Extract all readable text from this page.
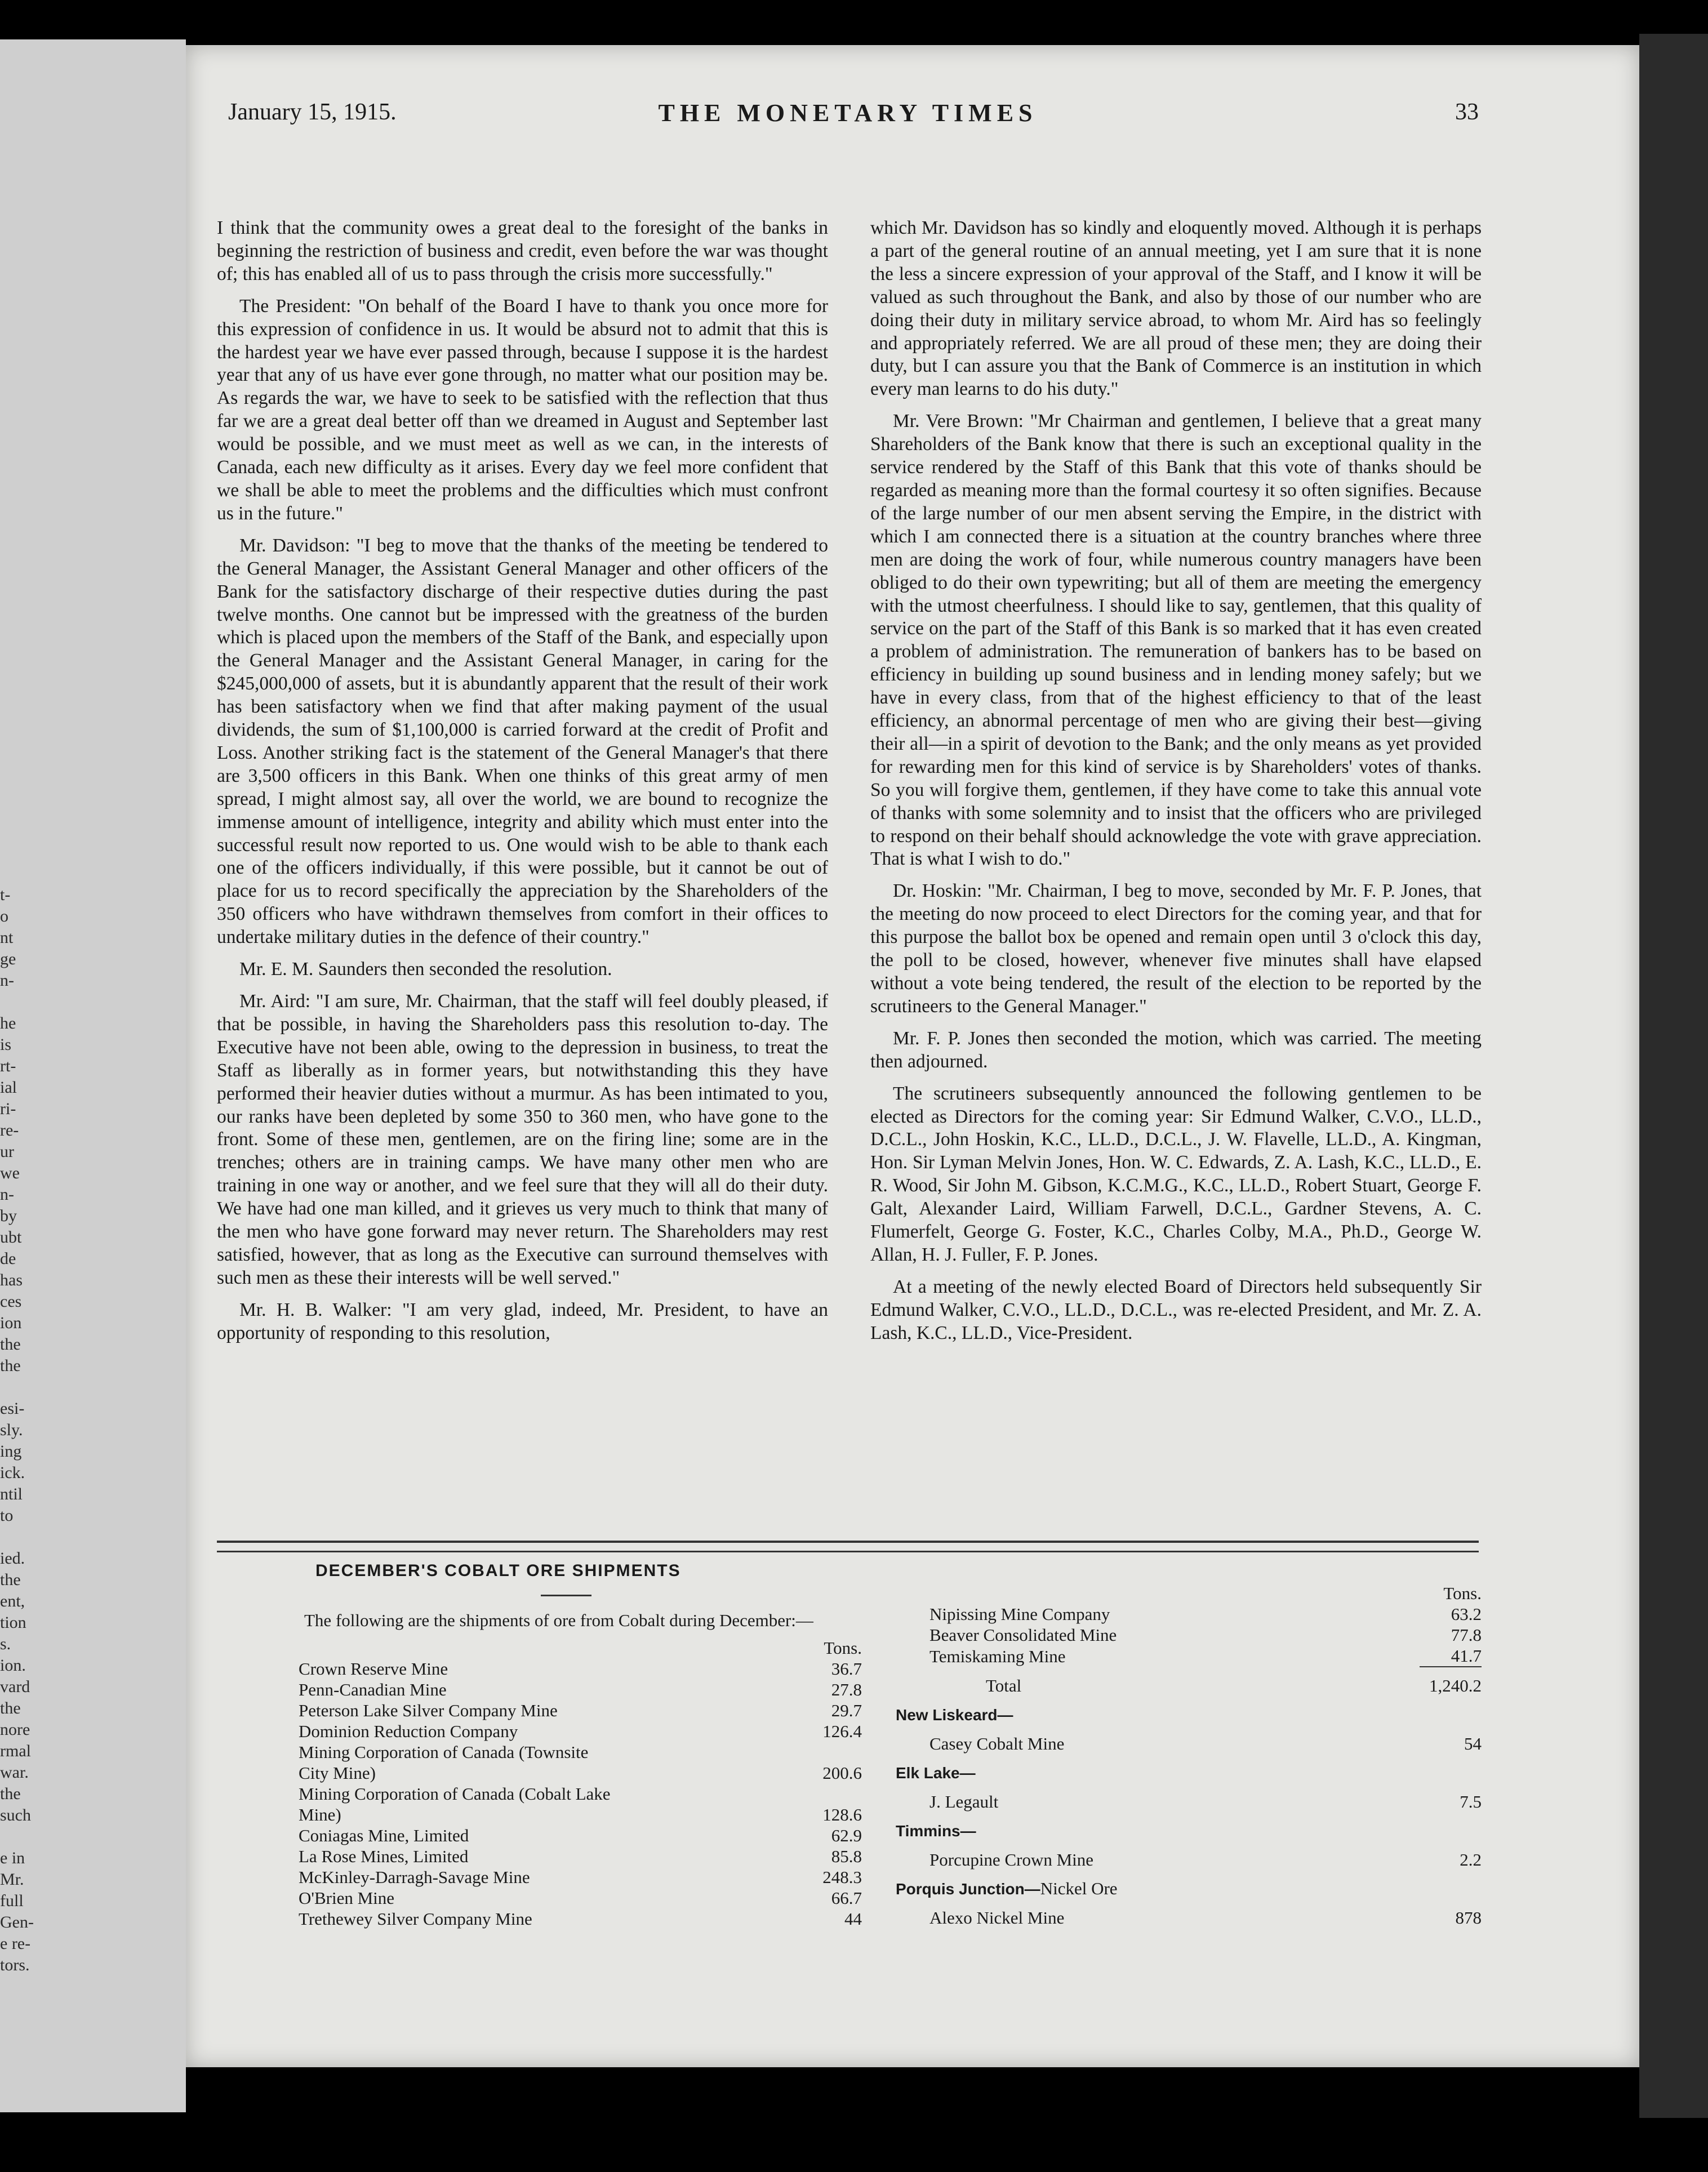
t-
o
nt
ge
n-
he
is
rt-
ial
ri-
re-
ur
we
n-
by
ubt
de
has
ces
ion
the
the
esi-
sly.
ing
ick.
ntil
to
ied.
the
ent,
tion
s.
ion.
vard
the
nore
rmal
war.
the
such
e in
Mr.
full
Gen-
e re-
tors.
January 15, 1915.	THE MONETARY TIMES	33

I think that the community owes a great deal to the foresight of the banks in beginning the restriction of business and credit, even before the war was thought of; this has enabled all of us to pass through the crisis more successfully."

The President: "On behalf of the Board I have to thank you once more for this expression of confidence in us. It would be absurd not to admit that this is the hardest year we have ever passed through, because I suppose it is the hardest year that any of us have ever gone through, no matter what our position may be. As regards the war, we have to seek to be satisfied with the reflection that thus far we are a great deal better off than we dreamed in August and September last would be possible, and we must meet as well as we can, in the interests of Canada, each new difficulty as it arises. Every day we feel more confident that we shall be able to meet the problems and the difficulties which must confront us in the future."

Mr. Davidson: "I beg to move that the thanks of the meeting be tendered to the General Manager, the Assistant General Manager and other officers of the Bank for the satisfactory discharge of their respective duties during the past twelve months. One cannot but be impressed with the greatness of the burden which is placed upon the members of the Staff of the Bank, and especially upon the General Manager and the Assistant General Manager, in caring for the $245,000,000 of assets, but it is abundantly apparent that the result of their work has been satisfactory when we find that after making payment of the usual dividends, the sum of $1,100,000 is carried forward at the credit of Profit and Loss. Another striking fact is the statement of the General Manager's that there are 3,500 officers in this Bank. When one thinks of this great army of men spread, I might almost say, all over the world, we are bound to recognize the immense amount of intelligence, integrity and ability which must enter into the successful result now reported to us. One would wish to be able to thank each one of the officers individually, if this were possible, but it cannot be out of place for us to record specifically the appreciation by the Shareholders of the 350 officers who have withdrawn themselves from comfort in their offices to undertake military duties in the defence of their country."

Mr. E. M. Saunders then seconded the resolution.

Mr. Aird: "I am sure, Mr. Chairman, that the staff will feel doubly pleased, if that be possible, in having the Shareholders pass this resolution to-day. The Executive have not been able, owing to the depression in business, to treat the Staff as liberally as in former years, but notwithstanding this they have performed their heavier duties without a murmur. As has been intimated to you, our ranks have been depleted by some 350 to 360 men, who have gone to the front. Some of these men, gentlemen, are on the firing line; some are in the trenches; others are in training camps. We have many other men who are training in one way or another, and we feel sure that they will all do their duty. We have had one man killed, and it grieves us very much to think that many of the men who have gone forward may never return. The Shareholders may rest satisfied, however, that as long as the Executive can surround themselves with such men as these their interests will be well served."

Mr. H. B. Walker: "I am very glad, indeed, Mr. President, to have an opportunity of responding to this resolution,

which Mr. Davidson has so kindly and eloquently moved. Although it is perhaps a part of the general routine of an annual meeting, yet I am sure that it is none the less a sincere expression of your approval of the Staff, and I know it will be valued as such throughout the Bank, and also by those of our number who are doing their duty in military service abroad, to whom Mr. Aird has so feelingly and appropriately referred. We are all proud of these men; they are doing their duty, but I can assure you that the Bank of Commerce is an institution in which every man learns to do his duty."

Mr. Vere Brown: "Mr Chairman and gentlemen, I believe that a great many Shareholders of the Bank know that there is such an exceptional quality in the service rendered by the Staff of this Bank that this vote of thanks should be regarded as meaning more than the formal courtesy it so often signifies. Because of the large number of our men absent serving the Empire, in the district with which I am connected there is a situation at the country branches where three men are doing the work of four, while numerous country managers have been obliged to do their own typewriting; but all of them are meeting the emergency with the utmost cheerfulness. I should like to say, gentlemen, that this quality of service on the part of the Staff of this Bank is so marked that it has even created a problem of administration. The remuneration of bankers has to be based on efficiency in building up sound business and in lending money safely; but we have in every class, from that of the highest efficiency to that of the least efficiency, an abnormal percentage of men who are giving their best—giving their all—in a spirit of devotion to the Bank; and the only means as yet provided for rewarding men for this kind of service is by Shareholders' votes of thanks. So you will forgive them, gentlemen, if they have come to take this annual vote of thanks with some solemnity and to insist that the officers who are privileged to respond on their behalf should acknowledge the vote with grave appreciation. That is what I wish to do."

Dr. Hoskin: "Mr. Chairman, I beg to move, seconded by Mr. F. P. Jones, that the meeting do now proceed to elect Directors for the coming year, and that for this purpose the ballot box be opened and remain open until 3 o'clock this day, the poll to be closed, however, whenever five minutes shall have elapsed without a vote being tendered, the result of the election to be reported by the scrutineers to the General Manager."

Mr. F. P. Jones then seconded the motion, which was carried. The meeting then adjourned.

The scrutineers subsequently announced the following gentlemen to be elected as Directors for the coming year: Sir Edmund Walker, C.V.O., LL.D., D.C.L., John Hoskin, K.C., LL.D., D.C.L., J. W. Flavelle, LL.D., A. Kingman, Hon. Sir Lyman Melvin Jones, Hon. W. C. Edwards, Z. A. Lash, K.C., LL.D., E. R. Wood, Sir John M. Gibson, K.C.M.G., K.C., LL.D., Robert Stuart, George F. Galt, Alexander Laird, William Farwell, D.C.L., Gardner Stevens, A. C. Flumerfelt, George G. Foster, K.C., Charles Colby, M.A., Ph.D., George W. Allan, H. J. Fuller, F. P. Jones.

At a meeting of the newly elected Board of Directors held subsequently Sir Edmund Walker, C.V.O., LL.D., D.C.L., was re-elected President, and Mr. Z. A. Lash, K.C., LL.D., Vice-President.

DECEMBER'S COBALT ORE SHIPMENTS
The following are the shipments of ore from Cobalt during December:—
	Tons.
Crown Reserve Mine	36.7
Penn-Canadian Mine	27.8
Peterson Lake Silver Company Mine	29.7
Dominion Reduction Company	126.4
Mining Corporation of Canada (Townsite	
City Mine)	200.6
Mining Corporation of Canada (Cobalt Lake	
Mine)	128.6
Coniagas Mine, Limited	62.9
La Rose Mines, Limited	85.8
McKinley-Darragh-Savage Mine	248.3
O'Brien Mine	66.7
Trethewey Silver Company Mine	44
	Tons.
Nipissing Mine Company	63.2
Beaver Consolidated Mine	77.8
Temiskaming Mine	41.7
Total	1,240.2
New Liskeard—
Casey Cobalt Mine	54
Elk Lake—
J. Legault	7.5
Timmins—
Porcupine Crown Mine	2.2
Porquis Junction—Nickel Ore
Alexo Nickel Mine	878
